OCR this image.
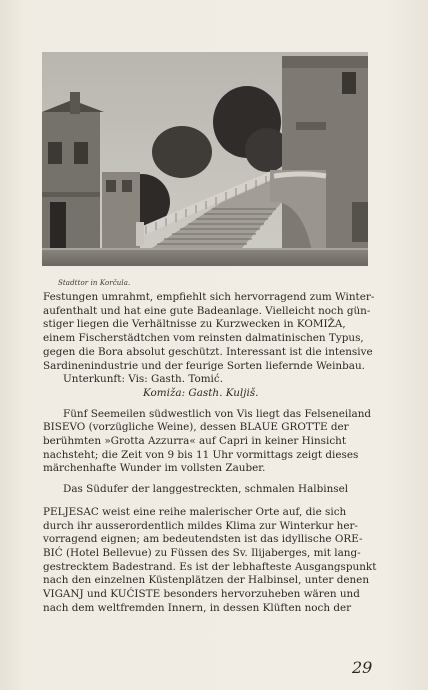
Stadttor in Korčula.

Festungen umrahmt, empfiehlt sich hervorragend zum Winter-
aufenthalt und hat eine gute Badeanlage. Vielleicht noch gün-
stiger liegen die Verhältnisse zu Kurzwecken in KOMIŽA,
einem Fischerstädtchen vom reinsten dalmatinischen Typus,
gegen die Bora absolut geschützt. Interessant ist die intensive
Sardinenindustrie und der feurige Sorten liefernde Weinbau.

Unterkunft: Vis: Gasth. Tomić.
Komiža: Gasth. Kuljiš.

Fünf Seemeilen südwestlich von Vis liegt das Felseneiland
BISEVO (vorzügliche Weine), dessen BLAUE GROTTE der
berühmten »Grotta Azzurra« auf Capri in keiner Hinsicht
nachsteht; die Zeit von 9 bis 11 Uhr vormittags zeigt dieses
märchenhafte Wunder im vollsten Zauber.

Das Südufer der langgestreckten, schmalen Halbinsel

PELJESAC weist eine reihe malerischer Orte auf, die sich
durch ihr ausserordentlich mildes Klima zur Winterkur her-
vorragend eignen; am bedeutendsten ist das idyllische ORE-
BIĆ (Hotel Bellevue) zu Füssen des Sv. Ilijaberges, mit lang-
gestrecktem Badestrand. Es ist der lebhafteste Ausgangspunkt
nach den einzelnen Küstenplätzen der Halbinsel, unter denen
VIGANJ und KUĆISTE besonders hervorzuheben wären und
nach dem weltfremden Innern, in dessen Klüften noch der

29
